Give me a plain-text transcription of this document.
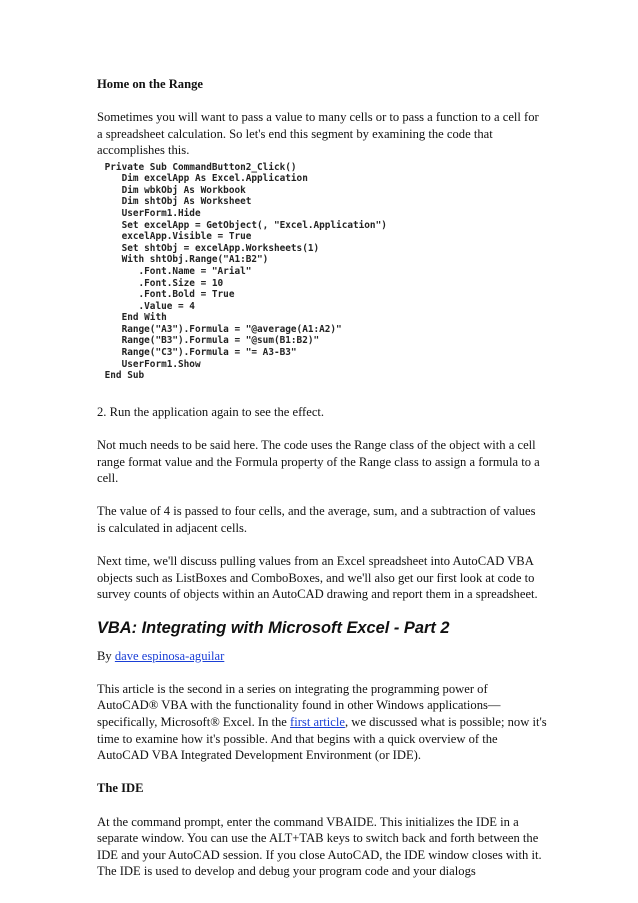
Home on the Range

Sometimes you will want to pass a value to many cells or to pass a function to a cell for a spreadsheet calculation. So let's end this segment by examining the code that accomplishes this.

Private Sub CommandButton2_Click()
Dim excelApp As Excel.Application
Dim wbkObj As Workbook
Dim shtObj As Worksheet
UserForm1.Hide
Set excelApp = GetObject(, "Excel.Application")
excelApp.Visible = True
Set shtObj = excelApp.Worksheets(1)
With shtObj.Range("A1:B2")
.Font.Name = "Arial"
.Font.Size = 10
.Font.Bold = True
.Value = 4
End With
Range("A3").Formula = "@average(A1:A2)"
Range("B3").Formula = "@sum(B1:B2)"
Range("C3").Formula = "= A3-B3"
UserForm1.Show
End Sub

2. Run the application again to see the effect.

Not much needs to be said here. The code uses the Range class of the object with a cell range format value and the Formula property of the Range class to assign a formula to a cell.

The value of 4 is passed to four cells, and the average, sum, and a subtraction of values is calculated in adjacent cells.

Next time, we'll discuss pulling values from an Excel spreadsheet into AutoCAD VBA objects such as ListBoxes and ComboBoxes, and we'll also get our first look at code to survey counts of objects within an AutoCAD drawing and report them in a spreadsheet.

VBA: Integrating with Microsoft Excel - Part 2

By dave espinosa-aguilar

This article is the second in a series on integrating the programming power of AutoCAD® VBA with the functionality found in other Windows applications—specifically, Microsoft® Excel. In the first article, we discussed what is possible; now it's time to examine how it's possible. And that begins with a quick overview of the AutoCAD VBA Integrated Development Environment (or IDE).

The IDE

At the command prompt, enter the command VBAIDE. This initializes the IDE in a separate window. You can use the ALT+TAB keys to switch back and forth between the IDE and your AutoCAD session. If you close AutoCAD, the IDE window closes with it. The IDE is used to develop and debug your program code and your dialogs
